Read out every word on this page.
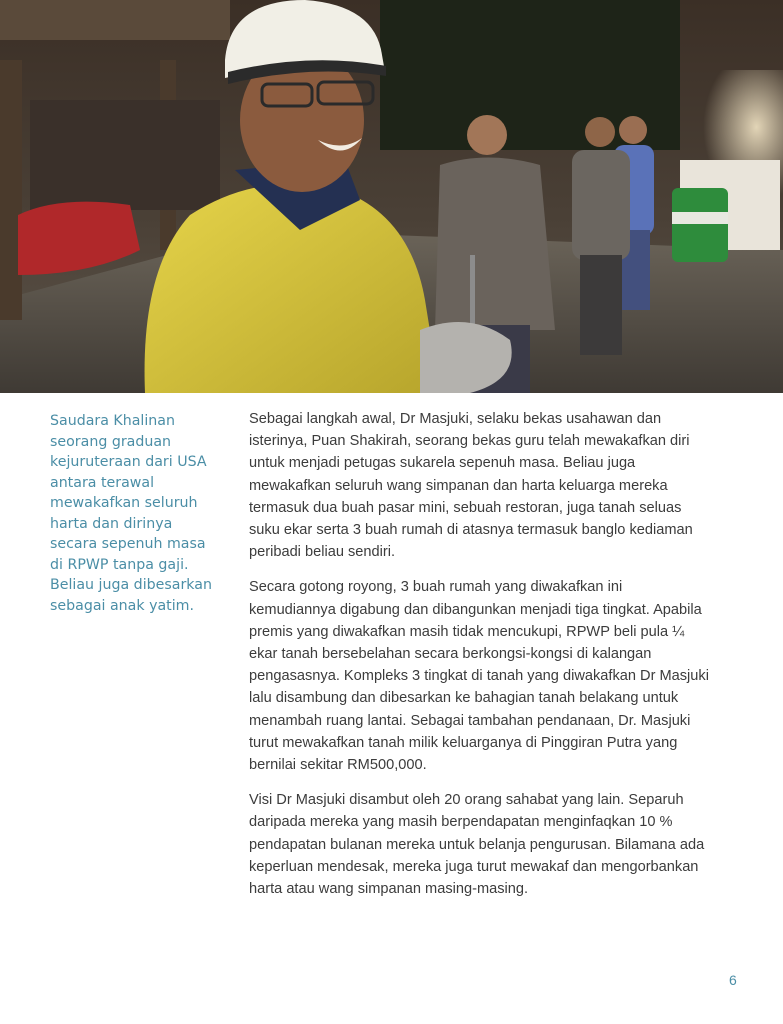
Saudara Khalinan
seorang graduan
kejuruteraan dari USA
antara terawal
mewakafkan seluruh
harta dan dirinya
secara sepenuh masa
di RPWP tanpa gaji.
Beliau juga dibesarkan
sebagai anak yatim.

Sebagai langkah awal, Dr Masjuki, selaku bekas usahawan dan
isterinya, Puan Shakirah, seorang bekas guru telah mewakafkan diri
untuk menjadi petugas sukarela sepenuh masa. Beliau juga
mewakafkan seluruh wang simpanan dan harta keluarga mereka
termasuk dua buah pasar mini, sebuah restoran, juga tanah seluas
suku ekar serta 3 buah rumah di atasnya termasuk banglo kediaman
peribadi beliau sendiri.

Secara gotong royong, 3 buah rumah yang diwakafkan ini
kemudiannya digabung dan dibangunkan menjadi tiga tingkat. Apabila
premis yang diwakafkan masih tidak mencukupi, RPWP beli pula ¼
ekar tanah bersebelahan secara berkongsi-kongsi di kalangan
pengasasnya. Kompleks 3 tingkat di tanah yang diwakafkan Dr Masjuki
lalu disambung dan dibesarkan ke bahagian tanah belakang untuk
menambah ruang lantai. Sebagai tambahan pendanaan, Dr. Masjuki
turut mewakafkan tanah milik keluarganya di Pinggiran Putra yang
bernilai sekitar RM500,000.

Visi Dr Masjuki disambut oleh 20 orang sahabat yang lain. Separuh
daripada mereka yang masih berpendapatan menginfaqkan 10 %
pendapatan bulanan mereka untuk belanja pengurusan. Bilamana ada
keperluan mendesak, mereka juga turut mewakaf dan mengorbankan
harta atau wang simpanan masing-masing.

6
